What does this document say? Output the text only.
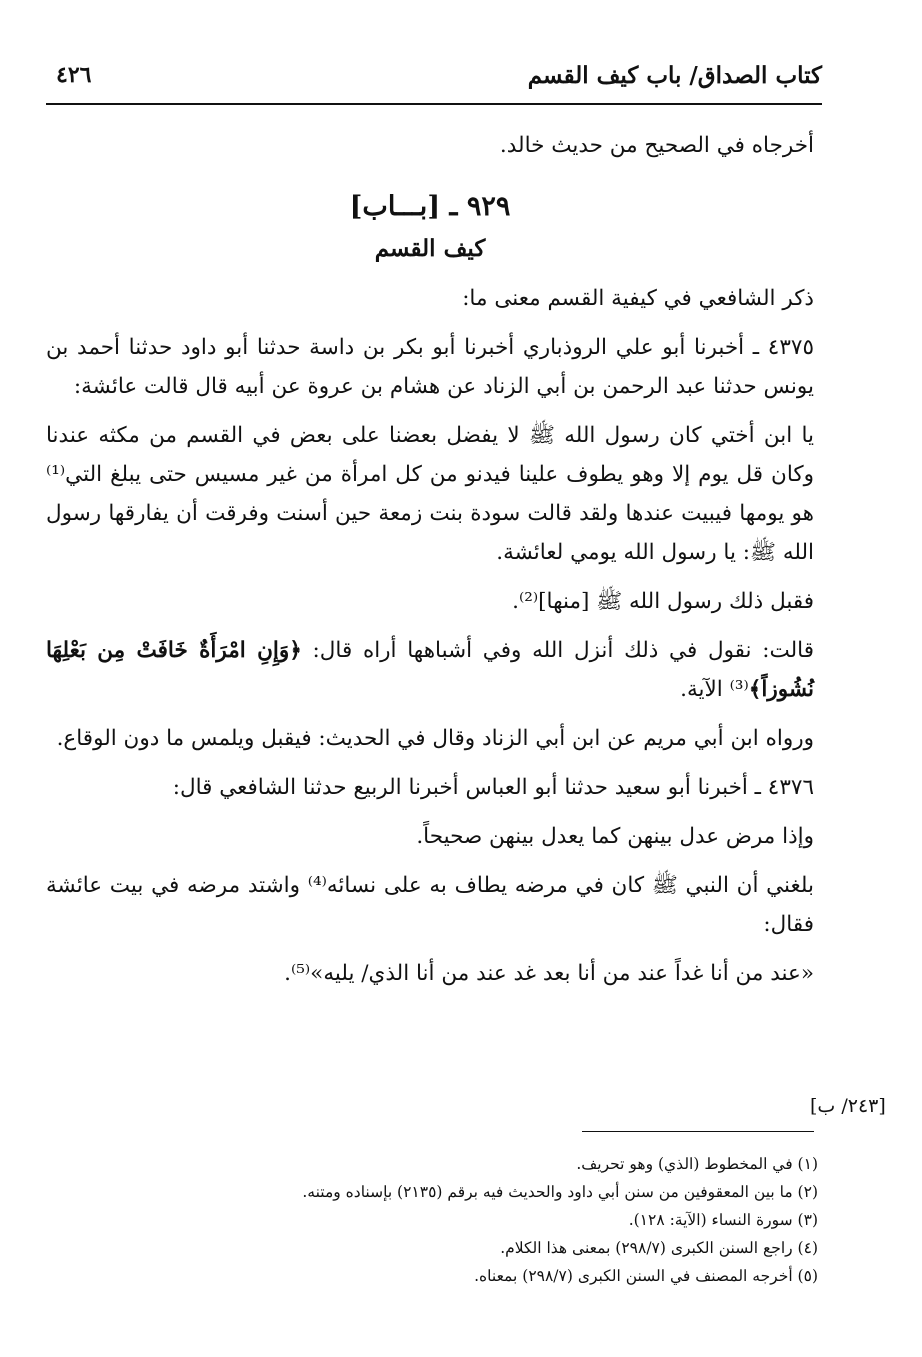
كتاب الصداق/ باب كيف القسم
٤٢٦

أخرجاه في الصحيح من حديث خالد.

٩٢٩ ـ [بـــاب]
كيف القسم

ذكر الشافعي في كيفية القسم معنى ما:

٤٣٧٥ ـ أخبرنا أبو علي الروذباري أخبرنا أبو بكر بن داسة حدثنا أبو داود حدثنا أحمد بن يونس حدثنا عبد الرحمن بن أبي الزناد عن هشام بن عروة عن أبيه قال قالت عائشة:

يا ابن أختي كان رسول الله ﷺ لا يفضل بعضنا على بعض في القسم من مكثه عندنا وكان قل يوم إلا وهو يطوف علينا فيدنو من كل امرأة من غير مسيس حتى يبلغ التي⁽¹⁾ هو يومها فيبيت عندها ولقد قالت سودة بنت زمعة حين أسنت وفرقت أن يفارقها رسول الله ﷺ: يا رسول الله يومي لعائشة.

فقبل ذلك رسول الله ﷺ [منها]⁽²⁾.

قالت: نقول في ذلك أنزل الله وفي أشباهها أراه قال: ﴿وَإِنِ امْرَأَةٌ خَافَتْ مِن بَعْلِهَا نُشُوزاً﴾⁽³⁾ الآية.

ورواه ابن أبي مريم عن ابن أبي الزناد وقال في الحديث: فيقبل ويلمس ما دون الوقاع.

٤٣٧٦ ـ أخبرنا أبو سعيد حدثنا أبو العباس أخبرنا الربيع حدثنا الشافعي قال:

وإذا مرض عدل بينهن كما يعدل بينهن صحيحاً.

بلغني أن النبي ﷺ كان في مرضه يطاف به على نسائه⁽⁴⁾ واشتد مرضه في بيت عائشة فقال:

«عند من أنا غداً عند من أنا بعد غد عند من أنا الذي/ يليه»⁽⁵⁾.

[٢٤٣/ ب]

(١) في المخطوط (الذي) وهو تحريف.

(٢) ما بين المعقوفين من سنن أبي داود والحديث فيه برقم (٢١٣٥) بإسناده ومتنه.

(٣) سورة النساء (الآية: ١٢٨).

(٤) راجع السنن الكبرى (٢٩٨/٧) بمعنى هذا الكلام.

(٥) أخرجه المصنف في السنن الكبرى (٢٩٨/٧) بمعناه.
